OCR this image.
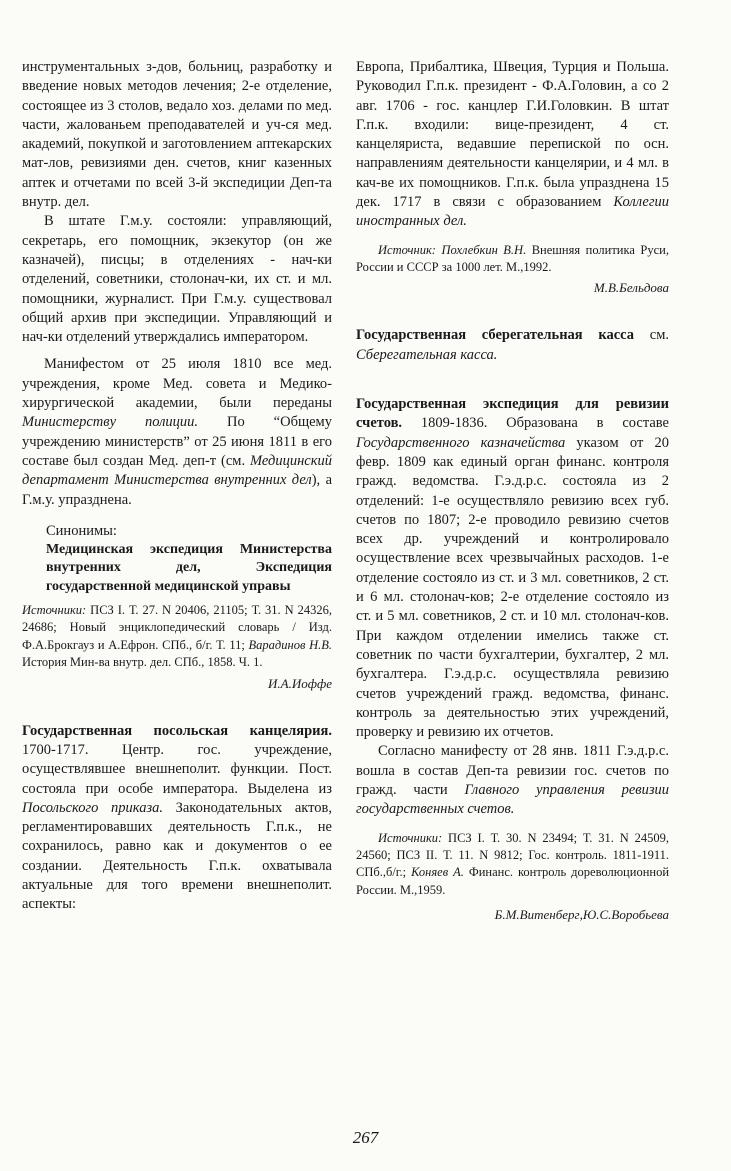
инструментальных з-дов, больниц, разработку и введение новых методов лечения; 2-е отделение, состоящее из 3 столов, ведало хоз. делами по мед. части, жалованьем преподавателей и уч-ся мед. академий, покупкой и заготовлением аптекарских мат-лов, ревизиями ден. счетов, книг казенных аптек и отчетами по всей 3-й экспедиции Деп-та внутр. дел.

В штате Г.м.у. состояли: управляющий, секретарь, его помощник, экзекутор (он же казначей), писцы; в отделениях - нач-ки отделений, советники, столонач-ки, их ст. и мл. помощники, журналист. При Г.м.у. существовал общий архив при экспедиции. Управляющий и нач-ки отделений утверждались императором.

Манифестом от 25 июля 1810 все мед. учреждения, кроме Мед. совета и Медико-хирургической академии, были переданы Министерству полиции. По “Общему учреждению министерств” от 25 июня 1811 в его составе был создан Мед. деп-т (см. Медицинский департамент Министерства внутренних дел), а Г.м.у. упразднена.

Синонимы:

Медицинская экспедиция Министерства внутренних дел, Экспедиция государственной медицинской управы

Источники: ПСЗ I. Т. 27. N 20406, 21105; Т. 31. N 24326, 24686; Новый энциклопедический словарь / Изд. Ф.А.Брокгауз и А.Ефрон. СПб., б/г. Т. 11; Варадинов Н.В. История Мин-ва внутр. дел. СПб., 1858. Ч. 1.

И.А.Иоффе

Государственная посольская канцелярия. 1700-1717. Центр. гос. учреждение, осуществлявшее внешнеполит. функции. Пост. состояла при особе императора. Выделена из Посольского приказа. Законодательных актов, регламентировавших деятельность Г.п.к., не сохранилось, равно как и документов о ее создании. Деятельность Г.п.к. охватывала актуальные для того времени внешнеполит. аспекты:

Европа, Прибалтика, Швеция, Турция и Польша. Руководил Г.п.к. президент - Ф.А.Головин, а со 2 авг. 1706 - гос. канцлер Г.И.Головкин. В штат Г.п.к. входили: вице-президент, 4 ст. канцеляриста, ведавшие перепиской по осн. направлениям деятельности канцелярии, и 4 мл. в кач-ве их помощников. Г.п.к. была упразднена 15 дек. 1717 в связи с образованием Коллегии иностранных дел.

Источник: Похлебкин В.Н. Внешняя политика Руси, России и СССР за 1000 лет. М.,1992.

М.В.Бельдова

Государственная сберегательная касса см. Сберегательная касса.

Государственная экспедиция для ревизии счетов. 1809-1836. Образована в составе Государственного казначейства указом от 20 февр. 1809 как единый орган финанс. контроля гражд. ведомства. Г.э.д.р.с. состояла из 2 отделений: 1-е осуществляло ревизию всех губ. счетов по 1807; 2-е проводило ревизию счетов всех др. учреждений и контролировало осуществление всех чрезвычайных расходов. 1-е отделение состояло из ст. и 3 мл. советников, 2 ст. и 6 мл. столонач-ков; 2-е отделение состояло из ст. и 5 мл. советников, 2 ст. и 10 мл. столонач-ков. При каждом отделении имелись также ст. советник по части бухгалтерии, бухгалтер, 2 мл. бухгалтера. Г.э.д.р.с. осуществляла ревизию счетов учреждений гражд. ведомства, финанс. контроль за деятельностью этих учреждений, проверку и ревизию их отчетов.

Согласно манифесту от 28 янв. 1811 Г.э.д.р.с. вошла в состав Деп-та ревизии гос. счетов по гражд. части Главного управления ревизии государственных счетов.

Источники: ПСЗ I. Т. 30. N 23494; Т. 31. N 24509, 24560; ПСЗ II. Т. 11. N 9812; Гос. контроль. 1811-1911. СПб.,б/г.; Коняев А. Финанс. контроль дореволюционной России. М.,1959.

Б.М.Витенберг,Ю.С.Воробьева

267
